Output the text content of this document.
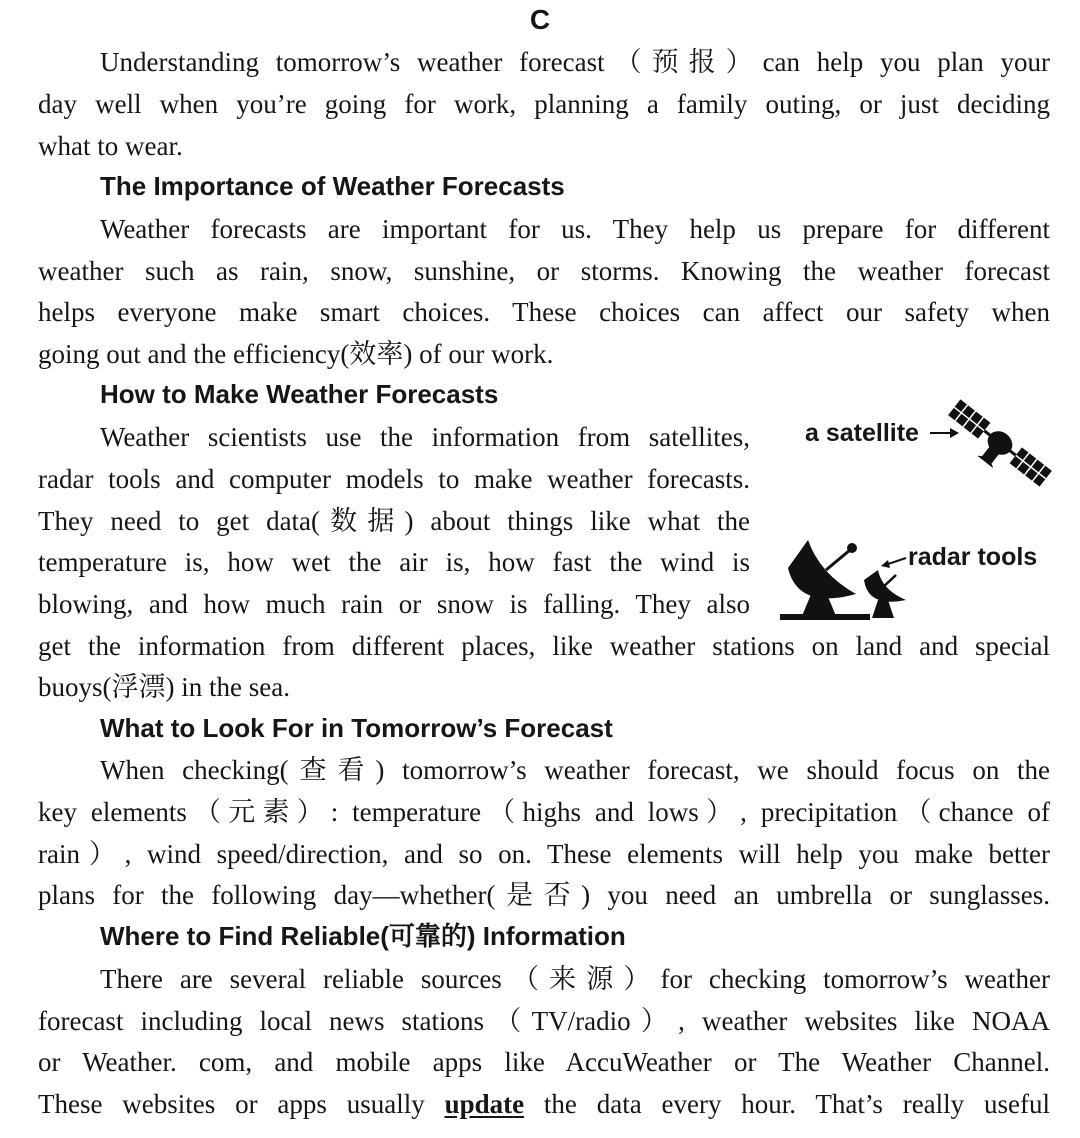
C
Understanding tomorrow’s weather forecast（预报）can help you plan your
day well when you’re going for work, planning a family outing, or just deciding
what to wear.
The Importance of Weather Forecasts
Weather forecasts are important for us. They help us prepare for different
weather such as rain, snow, sunshine, or storms. Knowing the weather forecast
helps everyone make smart choices. These choices can affect our safety when
going out and the efficiency(效率) of our work.
How to Make Weather Forecasts
Weather scientists use the information from satellites,
radar tools and computer models to make weather forecasts.
They need to get data(数据) about things like what the
temperature is, how wet the air is, how fast the wind is
blowing, and how much rain or snow is falling. They also
get the information from different places, like weather stations on land and special
buoys(浮漂) in the sea.
a satellite
radar tools
What to Look For in Tomorrow’s Forecast
When checking(查看) tomorrow’s weather forecast, we should focus on the
key elements（元素）: temperature（highs and lows）, precipitation（chance of
rain）, wind speed/direction, and so on. These elements will help you make better
plans for the following day—whether(是否) you need an umbrella or sunglasses.
Where to Find Reliable(可靠的) Information
There are several reliable sources（来源）for checking tomorrow’s weather
forecast including local news stations（TV/radio）, weather websites like NOAA
or Weather. com, and mobile apps like AccuWeather or The Weather Channel.
These websites or apps usually update the data every hour. That’s really useful
